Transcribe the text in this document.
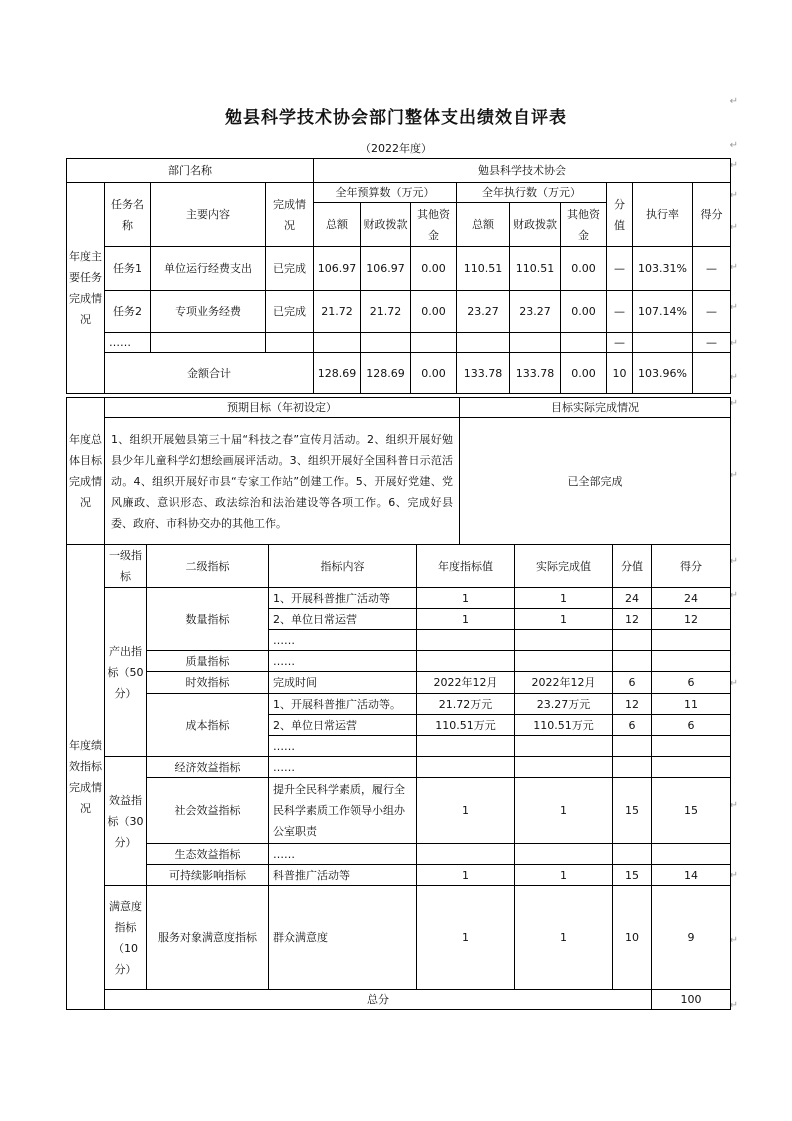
勉县科学技术协会部门整体支出绩效自评表
（2022年度）
↵
↵
↵
↵
↵
↵
↵
↵
↵
↵
↵
↵
↵
↵
↵
↵
↵
↵
部门名称				勉县科学技术协会								
年度主要任务完成情况	任务名称	主要内容	完成情况	全年预算数（万元）			全年执行数（万元）			分值	执行率	得分
				总额	财政拨款	其他资金	总额	财政拨款	其他资金			
	任务1	单位运行经费支出	已完成	106.97	106.97	0.00	110.51	110.51	0.00	—	103.31%	—
	任务2	专项业务经费	已完成	21.72	21.72	0.00	23.27	23.27	0.00	—	107.14%	—
	……									—		—
	金额合计			128.69	128.69	0.00	133.78	133.78	0.00	10	103.96%	
年度总体目标完成情况	预期目标（年初设定）	目标实际完成情况
	1、组织开展勉县第三十届“科技之春”宣传月活动。2、组织开展好勉县少年儿童科学幻想绘画展评活动。3、组织开展好全国科普日示范活动。4、组织开展好市县“专家工作站”创建工作。5、开展好党建、党风廉政、意识形态、政法综治和法治建设等各项工作。6、完成好县委、政府、市科协交办的其他工作。	已全部完成
年度绩效指标完成情况	一级指标	二级指标	指标内容	年度指标值	实际完成值	分值	得分	
	产出指标（50分）	数量指标	1、开展科普推广活动等	1	1	24	24	
			2、单位日常运营	1	1	12	12	
			……					
		质量指标	……					
		时效指标	完成时间	2022年12月	2022年12月	6	6	
		成本指标	1、开展科普推广活动等。	21.72万元	23.27万元	12	11	
			2、单位日常运营	110.51万元	110.51万元	6	6	
			……					
	效益指标（30分）	经济效益指标	……					
		社会效益指标	提升全民科学素质，履行全民科学素质工作领导小组办公室职责	1	1	15	15	
		生态效益指标	……					
		可持续影响指标	科普推广活动等	1	1	15	14	
	满意度指标（10分）	服务对象满意度指标	群众满意度	1	1	10	9	
	总分						100	
